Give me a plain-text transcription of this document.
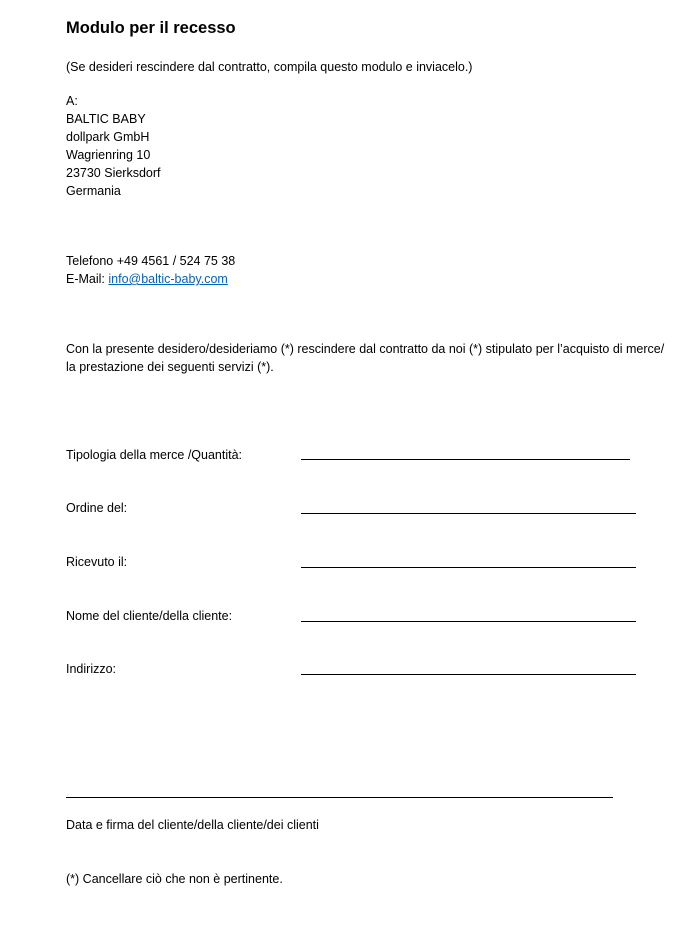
Modulo per il recesso
(Se desideri rescindere dal contratto, compila questo modulo e inviacelo.)
A:
BALTIC BABY
dollpark GmbH
Wagrienring 10
23730 Sierksdorf
Germania
Telefono +49 4561 / 524 75 38
E-Mail: info@baltic-baby.com
Con la presente desidero/desideriamo (*) rescindere dal contratto da noi (*) stipulato per l’acquisto di merce/ la prestazione dei seguenti servizi (*).
Tipologia della merce /Quantità:
Ordine del:
Ricevuto il:
Nome del cliente/della cliente:
Indirizzo:
Data e firma del cliente/della cliente/dei clienti
(*) Cancellare ciò che non è pertinente.
